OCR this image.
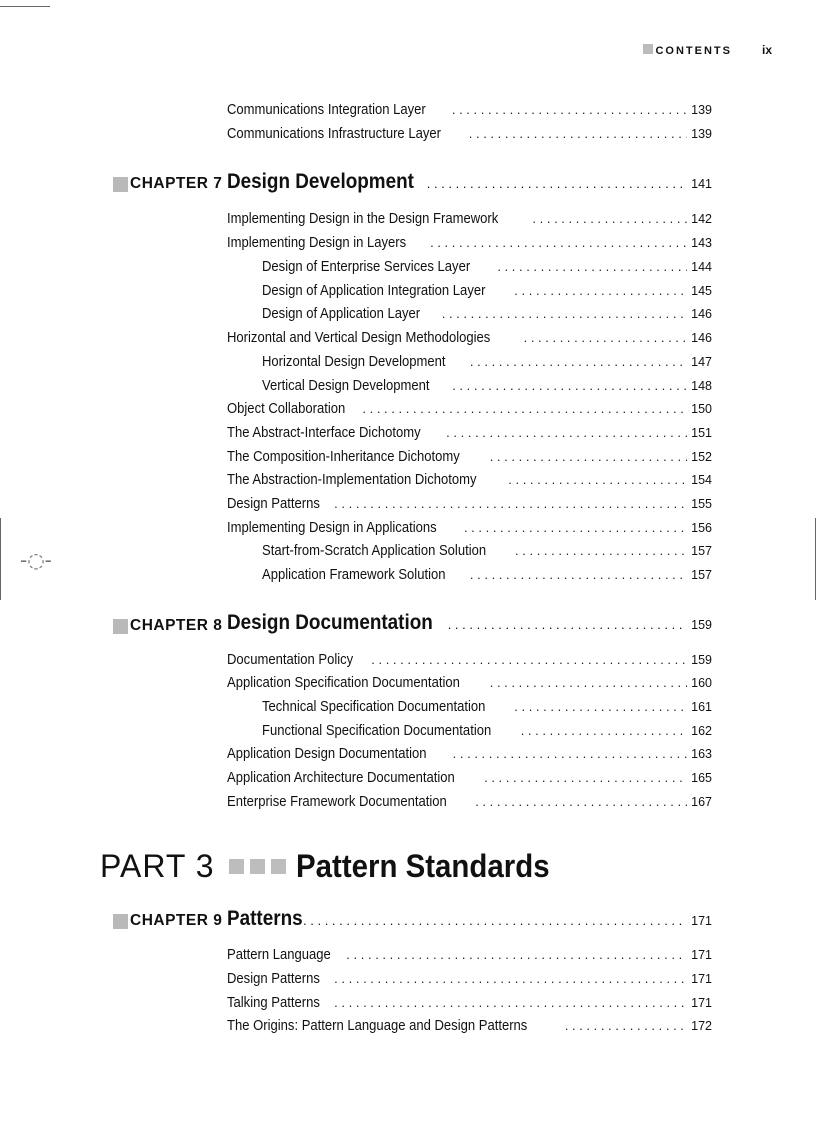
-◌-
CONTENTS	ix
Communications Integration Layer . . .	139
Communications Infrastructure Layer . . .	139
CHAPTER 7 Design Development . . .	141
Implementing Design in the Design Framework . . .	142
Implementing Design in Layers . . .	143
Design of Enterprise Services Layer . . .	144
Design of Application Integration Layer . . .	145
Design of Application Layer . . .	146
Horizontal and Vertical Design Methodologies . . .	146
Horizontal Design Development . . .	147
Vertical Design Development . . .	148
Object Collaboration . . .	150
The Abstract-Interface Dichotomy . . .	151
The Composition-Inheritance Dichotomy . . .	152
The Abstraction-Implementation Dichotomy . . .	154
Design Patterns . . .	155
Implementing Design in Applications . . .	156
Start-from-Scratch Application Solution . . .	157
Application Framework Solution . . .	157
CHAPTER 8 Design Documentation . . .	159
Documentation Policy . . .	159
Application Specification Documentation . . .	160
Technical Specification Documentation . . .	161
Functional Specification Documentation . . .	162
Application Design Documentation . . .	163
Application Architecture Documentation . . .	165
Enterprise Framework Documentation . . .	167
PART 3	Pattern Standards
CHAPTER 9 Patterns . . .	171
Pattern Language . . .	171
Design Patterns . . .	171
Talking Patterns . . .	171
The Origins: Pattern Language and Design Patterns . . .	172
